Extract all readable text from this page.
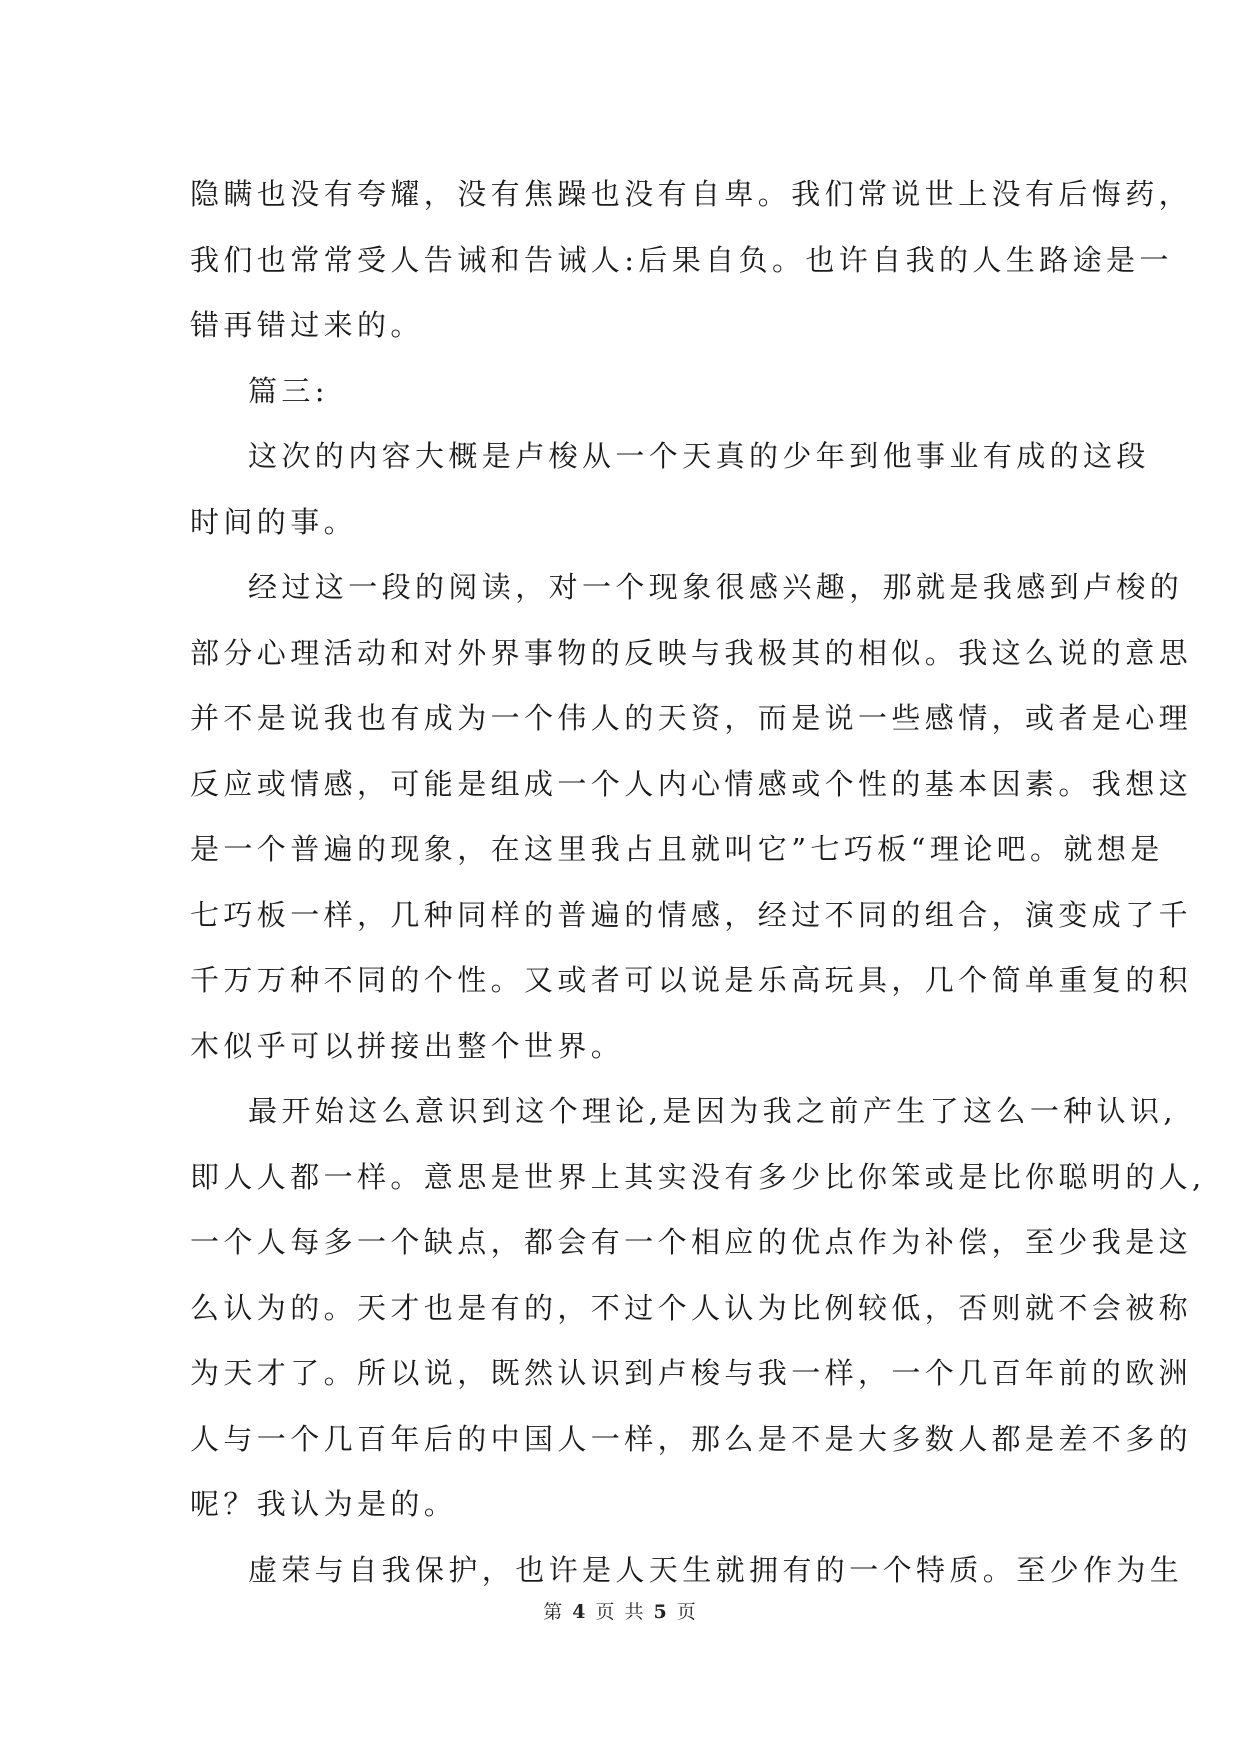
隐瞒也没有夸耀，没有焦躁也没有自卑。我们常说世上没有后悔药，
我们也常常受人告诫和告诫人:后果自负。也许自我的人生路途是一
错再错过来的。
篇三:
这次的内容大概是卢梭从一个天真的少年到他事业有成的这段
时间的事。
经过这一段的阅读，对一个现象很感兴趣，那就是我感到卢梭的
部分心理活动和对外界事物的反映与我极其的相似。我这么说的意思
并不是说我也有成为一个伟人的天资，而是说一些感情，或者是心理
反应或情感，可能是组成一个人内心情感或个性的基本因素。我想这
是一个普遍的现象，在这里我占且就叫它”七巧板“理论吧。就想是
七巧板一样，几种同样的普遍的情感，经过不同的组合，演变成了千
千万万种不同的个性。又或者可以说是乐高玩具，几个简单重复的积
木似乎可以拼接出整个世界。
最开始这么意识到这个理论,是因为我之前产生了这么一种认识,
即人人都一样。意思是世界上其实没有多少比你笨或是比你聪明的人,
一个人每多一个缺点，都会有一个相应的优点作为补偿，至少我是这
么认为的。天才也是有的，不过个人认为比例较低，否则就不会被称
为天才了。所以说，既然认识到卢梭与我一样，一个几百年前的欧洲
人与一个几百年后的中国人一样，那么是不是大多数人都是差不多的
呢？我认为是的。
虚荣与自我保护，也许是人天生就拥有的一个特质。至少作为生
第 4 页 共 5 页
